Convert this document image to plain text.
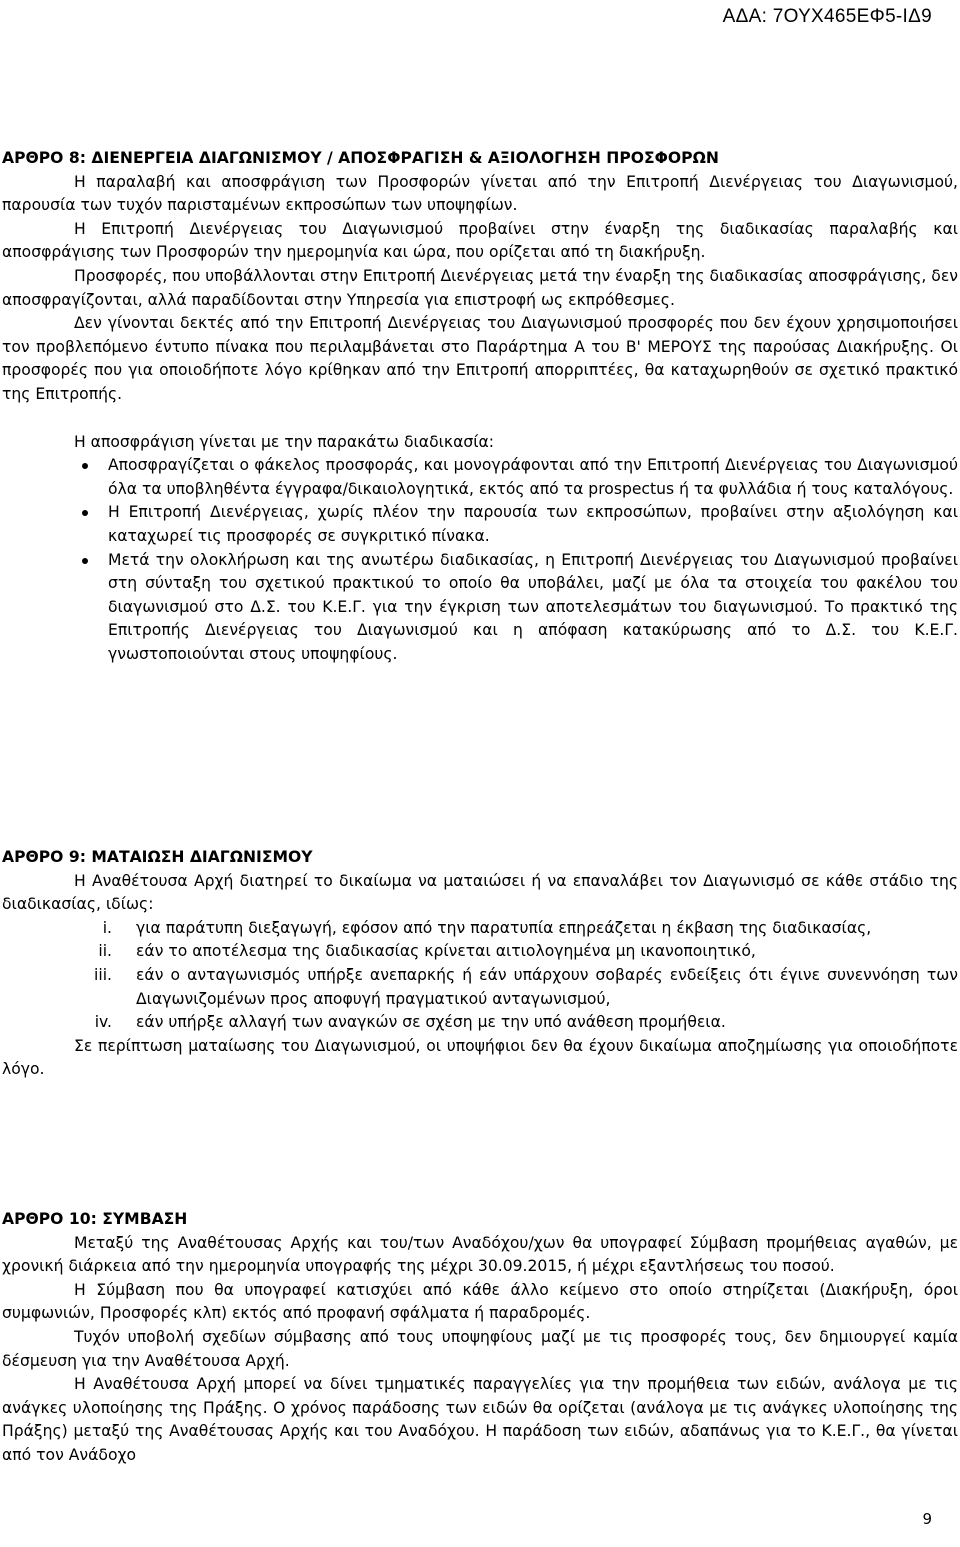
ΑΔΑ: 7ΟΥΧ465ΕΦ5-ΙΔ9
ΑΡΘΡΟ 8: ΔΙΕΝΕΡΓΕΙΑ ΔΙΑΓΩΝΙΣΜΟΥ / ΑΠΟΣΦΡΑΓΙΣΗ & ΑΞΙΟΛΟΓΗΣΗ ΠΡΟΣΦΟΡΩΝ

Η παραλαβή και αποσφράγιση των Προσφορών γίνεται από την Επιτροπή Διενέργειας του Διαγωνισμού, παρουσία των τυχόν παρισταμένων εκπροσώπων των υποψηφίων.

Η Επιτροπή Διενέργειας του Διαγωνισμού προβαίνει στην έναρξη της διαδικασίας παραλαβής και αποσφράγισης των Προσφορών την ημερομηνία και ώρα, που ορίζεται από τη διακήρυξη.

Προσφορές, που υποβάλλονται στην Επιτροπή Διενέργειας μετά την έναρξη της διαδικασίας αποσφράγισης, δεν αποσφραγίζονται, αλλά παραδίδονται στην Υπηρεσία για επιστροφή ως εκπρόθεσμες.

Δεν γίνονται δεκτές από την Επιτροπή Διενέργειας του Διαγωνισμού προσφορές που δεν έχουν χρησιμοποιήσει τον προβλεπόμενο έντυπο πίνακα που περιλαμβάνεται στο Παράρτημα Α του Β' ΜΕΡΟΥΣ της παρούσας Διακήρυξης. Οι προσφορές που για οποιοδήποτε λόγο κρίθηκαν από την Επιτροπή απορριπτέες, θα καταχωρηθούν σε σχετικό πρακτικό της Επιτροπής.

Η αποσφράγιση γίνεται με την παρακάτω διαδικασία:

Αποσφραγίζεται ο φάκελος προσφοράς, και μονογράφονται από την Επιτροπή Διενέργειας του Διαγωνισμού όλα τα υποβληθέντα έγγραφα/δικαιολογητικά, εκτός από τα prospectus ή τα φυλλάδια ή τους καταλόγους.
Η Επιτροπή Διενέργειας, χωρίς πλέον την παρουσία των εκπροσώπων, προβαίνει στην αξιολόγηση και καταχωρεί τις προσφορές σε συγκριτικό πίνακα.
Μετά την ολοκλήρωση και της ανωτέρω διαδικασίας, η Επιτροπή Διενέργειας του Διαγωνισμού προβαίνει στη σύνταξη του σχετικού πρακτικού το οποίο θα υποβάλει, μαζί με όλα τα στοιχεία του φακέλου του διαγωνισμού στο Δ.Σ. του Κ.Ε.Γ. για την έγκριση των αποτελεσμάτων του διαγωνισμού. Το πρακτικό της Επιτροπής Διενέργειας του Διαγωνισμού και η απόφαση κατακύρωσης από το Δ.Σ. του Κ.Ε.Γ. γνωστοποιούνται στους υποψηφίους.
ΑΡΘΡΟ 9: ΜΑΤΑΙΩΣΗ ΔΙΑΓΩΝΙΣΜΟΥ

Η Αναθέτουσα Αρχή διατηρεί το δικαίωμα να ματαιώσει ή να επαναλάβει τον Διαγωνισμό σε κάθε στάδιο της διαδικασίας, ιδίως:

i. για παράτυπη διεξαγωγή, εφόσον από την παρατυπία επηρεάζεται η έκβαση της διαδικασίας,
ii. εάν το αποτέλεσμα της διαδικασίας κρίνεται αιτιολογημένα μη ικανοποιητικό,
iii. εάν ο ανταγωνισμός υπήρξε ανεπαρκής ή εάν υπάρχουν σοβαρές ενδείξεις ότι έγινε συνεννόηση των Διαγωνιζομένων προς αποφυγή πραγματικού ανταγωνισμού,
iv. εάν υπήρξε αλλαγή των αναγκών σε σχέση με την υπό ανάθεση προμήθεια.

Σε περίπτωση ματαίωσης του Διαγωνισμού, οι υποψήφιοι δεν θα έχουν δικαίωμα αποζημίωσης για οποιοδήποτε λόγο.

ΑΡΘΡΟ 10: ΣΥΜΒΑΣΗ

Μεταξύ της Αναθέτουσας Αρχής και του/των Αναδόχου/χων θα υπογραφεί Σύμβαση προμήθειας αγαθών, με χρονική διάρκεια από την ημερομηνία υπογραφής της μέχρι 30.09.2015, ή μέχρι εξαντλήσεως του ποσού.

Η Σύμβαση που θα υπογραφεί κατισχύει από κάθε άλλο κείμενο στο οποίο στηρίζεται (Διακήρυξη, όροι συμφωνιών, Προσφορές κλπ) εκτός από προφανή σφάλματα ή παραδρομές.

Τυχόν υποβολή σχεδίων σύμβασης από τους υποψηφίους μαζί με τις προσφορές τους, δεν δημιουργεί καμία δέσμευση για την Αναθέτουσα Αρχή.

Η Αναθέτουσα Αρχή μπορεί να δίνει τμηματικές παραγγελίες για την προμήθεια των ειδών, ανάλογα με τις ανάγκες υλοποίησης της Πράξης. Ο χρόνος παράδοσης των ειδών θα ορίζεται (ανάλογα με τις ανάγκες υλοποίησης της Πράξης) μεταξύ της Αναθέτουσας Αρχής και του Αναδόχου. Η παράδοση των ειδών, αδαπάνως για το Κ.Ε.Γ., θα γίνεται από τον Ανάδοχο

9
